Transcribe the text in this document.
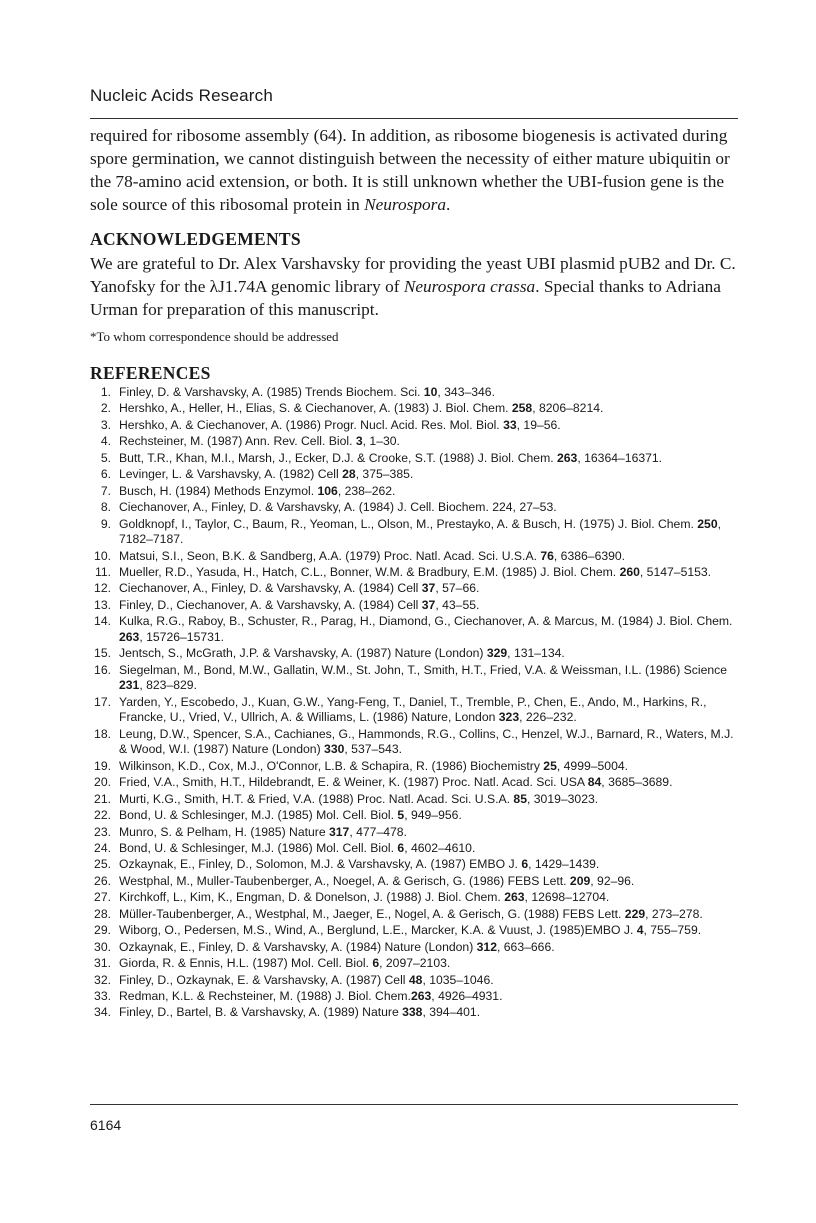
Nucleic Acids Research
required for ribosome assembly (64). In addition, as ribosome biogenesis is activated during spore germination, we cannot distinguish between the necessity of either mature ubiquitin or the 78-amino acid extension, or both. It is still unknown whether the UBI-fusion gene is the sole source of this ribosomal protein in Neurospora.
ACKNOWLEDGEMENTS
We are grateful to Dr. Alex Varshavsky for providing the yeast UBI plasmid pUB2 and Dr. C. Yanofsky for the λJ1.74A genomic library of Neurospora crassa. Special thanks to Adriana Urman for preparation of this manuscript.
*To whom correspondence should be addressed
REFERENCES
1. Finley, D. & Varshavsky, A. (1985) Trends Biochem. Sci. 10, 343–346.
2. Hershko, A., Heller, H., Elias, S. & Ciechanover, A. (1983) J. Biol. Chem. 258, 8206–8214.
3. Hershko, A. & Ciechanover, A. (1986) Progr. Nucl. Acid. Res. Mol. Biol. 33, 19–56.
4. Rechsteiner, M. (1987) Ann. Rev. Cell. Biol. 3, 1–30.
5. Butt, T.R., Khan, M.I., Marsh, J., Ecker, D.J. & Crooke, S.T. (1988) J. Biol. Chem. 263, 16364–16371.
6. Levinger, L. & Varshavsky, A. (1982) Cell 28, 375–385.
7. Busch, H. (1984) Methods Enzymol. 106, 238–262.
8. Ciechanover, A., Finley, D. & Varshavsky, A. (1984) J. Cell. Biochem. 224, 27–53.
9. Goldknopf, I., Taylor, C., Baum, R., Yeoman, L., Olson, M., Prestayko, A. & Busch, H. (1975) J. Biol. Chem. 250, 7182–7187.
10. Matsui, S.I., Seon, B.K. & Sandberg, A.A. (1979) Proc. Natl. Acad. Sci. U.S.A. 76, 6386–6390.
11. Mueller, R.D., Yasuda, H., Hatch, C.L., Bonner, W.M. & Bradbury, E.M. (1985) J. Biol. Chem. 260, 5147–5153.
12. Ciechanover, A., Finley, D. & Varshavsky, A. (1984) Cell 37, 57–66.
13. Finley, D., Ciechanover, A. & Varshavsky, A. (1984) Cell 37, 43–55.
14. Kulka, R.G., Raboy, B., Schuster, R., Parag, H., Diamond, G., Ciechanover, A. & Marcus, M. (1984) J. Biol. Chem. 263, 15726–15731.
15. Jentsch, S., McGrath, J.P. & Varshavsky, A. (1987) Nature (London) 329, 131–134.
16. Siegelman, M., Bond, M.W., Gallatin, W.M., St. John, T., Smith, H.T., Fried, V.A. & Weissman, I.L. (1986) Science 231, 823–829.
17. Yarden, Y., Escobedo, J., Kuan, G.W., Yang-Feng, T., Daniel, T., Tremble, P., Chen, E., Ando, M., Harkins, R., Francke, U., Vried, V., Ullrich, A. & Williams, L. (1986) Nature, London 323, 226–232.
18. Leung, D.W., Spencer, S.A., Cachianes, G., Hammonds, R.G., Collins, C., Henzel, W.J., Barnard, R., Waters, M.J. & Wood, W.I. (1987) Nature (London) 330, 537–543.
19. Wilkinson, K.D., Cox, M.J., O'Connor, L.B. & Schapira, R. (1986) Biochemistry 25, 4999–5004.
20. Fried, V.A., Smith, H.T., Hildebrandt, E. & Weiner, K. (1987) Proc. Natl. Acad. Sci. USA 84, 3685–3689.
21. Murti, K.G., Smith, H.T. & Fried, V.A. (1988) Proc. Natl. Acad. Sci. U.S.A. 85, 3019–3023.
22. Bond, U. & Schlesinger, M.J. (1985) Mol. Cell. Biol. 5, 949–956.
23. Munro, S. & Pelham, H. (1985) Nature 317, 477–478.
24. Bond, U. & Schlesinger, M.J. (1986) Mol. Cell. Biol. 6, 4602–4610.
25. Ozkaynak, E., Finley, D., Solomon, M.J. & Varshavsky, A. (1987) EMBO J. 6, 1429–1439.
26. Westphal, M., Muller-Taubenberger, A., Noegel, A. & Gerisch, G. (1986) FEBS Lett. 209, 92–96.
27. Kirchkoff, L., Kim, K., Engman, D. & Donelson, J. (1988) J. Biol. Chem. 263, 12698–12704.
28. Müller-Taubenberger, A., Westphal, M., Jaeger, E., Nogel, A. & Gerisch, G. (1988) FEBS Lett. 229, 273–278.
29. Wiborg, O., Pedersen, M.S., Wind, A., Berglund, L.E., Marcker, K.A. & Vuust, J. (1985)EMBO J. 4, 755–759.
30. Ozkaynak, E., Finley, D. & Varshavsky, A. (1984) Nature (London) 312, 663–666.
31. Giorda, R. & Ennis, H.L. (1987) Mol. Cell. Biol. 6, 2097–2103.
32. Finley, D., Ozkaynak, E. & Varshavsky, A. (1987) Cell 48, 1035–1046.
33. Redman, K.L. & Rechsteiner, M. (1988) J. Biol. Chem.263, 4926–4931.
34. Finley, D., Bartel, B. & Varshavsky, A. (1989) Nature 338, 394–401.
6164
